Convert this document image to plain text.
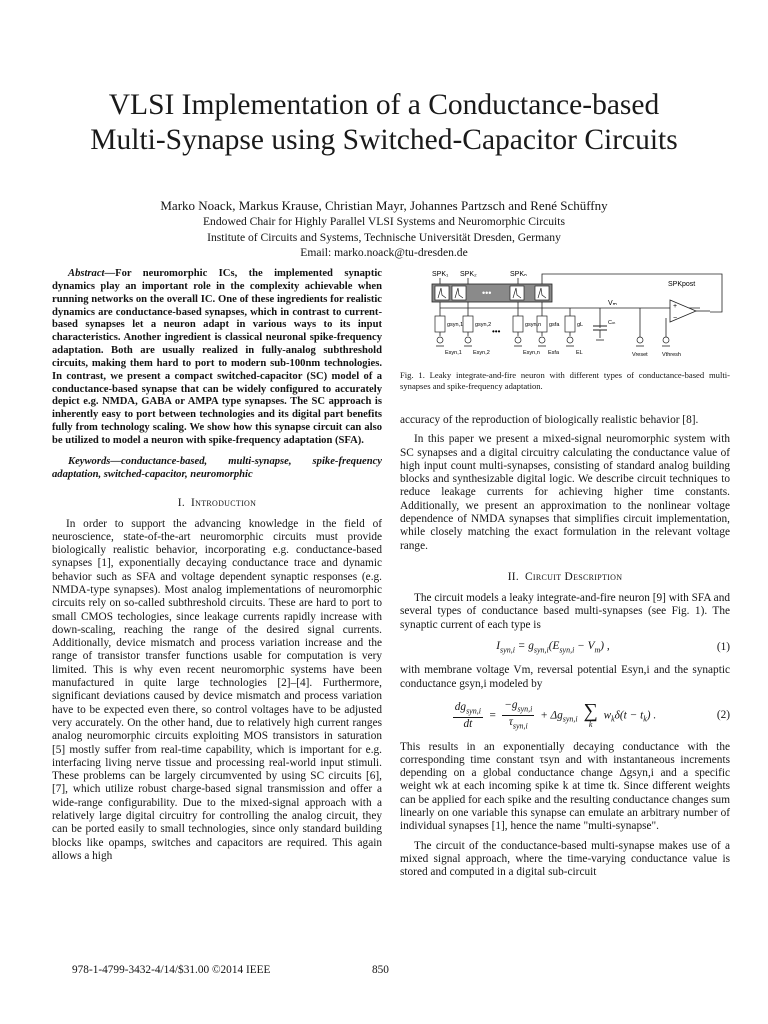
VLSI Implementation of a Conductance-based
Multi-Synapse using Switched-Capacitor Circuits
Marko Noack, Markus Krause, Christian Mayr, Johannes Partzsch and René Schüffny
Endowed Chair for Highly Parallel VLSI Systems and Neuromorphic Circuits
Institute of Circuits and Systems, Technische Universität Dresden, Germany
Email: marko.noack@tu-dresden.de

Abstract—For neuromorphic ICs, the implemented synaptic dynamics play an important role in the complexity achievable when running networks on the overall IC. One of these ingredients for realistic dynamics are conductance-based synapses, which in contrast to current-based synapses let a neuron adapt in various ways to its input characteristics. Another ingredient is classical neuronal spike-frequency adaptation. Both are usually realized in fully-analog subthreshold circuits, making them hard to port to modern sub-100nm technologies. In contrast, we present a compact switched-capacitor (SC) model of a conductance-based synapse that can be widely configured to accurately depict e.g. NMDA, GABA or AMPA type synapses. The SC approach is inherently easy to port between technologies and its digital part benefits fully from technology scaling. We show how this synapse circuit can also be utilized to model a neuron with spike-frequency adaptation (SFA).

Keywords—conductance-based, multi-synapse, spike-frequency adaptation, switched-capacitor, neuromorphic
I. Introduction

In order to support the advancing knowledge in the field of neuroscience, state-of-the-art neuromorphic circuits must provide biologically realistic behavior, incorporating e.g. conductance-based synapses [1], exponentially decaying conductance trace and dynamic behavior such as SFA and voltage dependent synaptic responses (e.g. NMDA-type synapses). Most analog implementations of neuromorphic circuits rely on so-called subthreshold circuits. These are hard to port to small CMOS techologies, since leakage currents rapidly increase with down-scaling, reaching the range of the desired signal currents. Additionally, device mismatch and process variation increase and the range of transistor transfer functions usable for computation is very limited. This is why even recent neuromorphic systems have been manufactured in quite large technologies [2]–[4]. Furthermore, significant deviations caused by device mismatch and process variation have to be expected even there, so control voltages have to be adjusted very accurately. On the other hand, due to relatively high current ranges analog neuromorphic circuits exploiting MOS transistors in saturation [5] mostly suffer from real-time capability, which is important for e.g. interfacing living nerve tissue and processing real-world input stimuli. These problems can be largely circumvented by using SC circuits [6], [7], which utilize robust charge-based signal transmission and offer a wide-range configurability. Due to the mixed-signal approach with a relatively large digital circuitry for controlling the analog circuit, they can be ported easily to small technologies, since only standard building blocks like opamps, switches and capacitors are required. This again allows a high

SPK₁ SPK₂	SPKₙ
•••
SPKpost
Vₘ	+
−
gsyn,1 gsyn,2	gsyn,n gsfa	gL	Cₘ
•••
Esyn,1 Esyn,2	Esyn,n Esfa	EL	Vreset	Vthresh
Fig. 1. Leaky integrate-and-fire neuron with different types of conductance-based multi-synapses and spike-frequency adaptation.

accuracy of the reproduction of biologically realistic behavior [8].

In this paper we present a mixed-signal neuromorphic system with SC synapses and a digital circuitry calculating the conductance value of high input count multi-synapses, consisting of standard analog building blocks and synthesizable digital logic. We describe circuit techniques to reduce leakage currents for achieving higher time constants. Additionally, we present an approximation to the nonlinear voltage dependence of NMDA synapses that simplifies circuit implementation, while closely matching the exact formulation in the relevant voltage range.

II. Circuit Description

The circuit models a leaky integrate-and-fire neuron [9] with SFA and several types of conductance based multi-synapses (see Fig. 1). The synaptic current of each type is

$I_{syn,i} = g_{syn,i}(E_{syn,i} - V_m)$ ,	(1)

with membrane voltage Vm, reversal potential Esyn,i and the synaptic conductance gsyn,i modeled by

$\frac{dg_{syn,i}}{dt} = \frac{-g_{syn,i}}{\tau_{syn,i}} + \Delta g_{syn,i}$ ∑
k
$w_k\delta(t - t_k)$ .	(2)

This results in an exponentially decaying conductance with the corresponding time constant τsyn and with instantaneous increments depending on a global conductance change Δgsyn,i and a specific weight wk at each incoming spike k at time tk. Since different weights can be applied for each spike and the resulting conductance changes sum linearly on one variable this synapse can emulate an arbitrary number of individual synapses [1], hence the name "multi-synapse".

The circuit of the conductance-based multi-synapse makes use of a mixed signal approach, where the time-varying conductance value is stored and computed in a digital sub-circuit

978-1-4799-3432-4/14/$31.00 ©2014 IEEE	850
